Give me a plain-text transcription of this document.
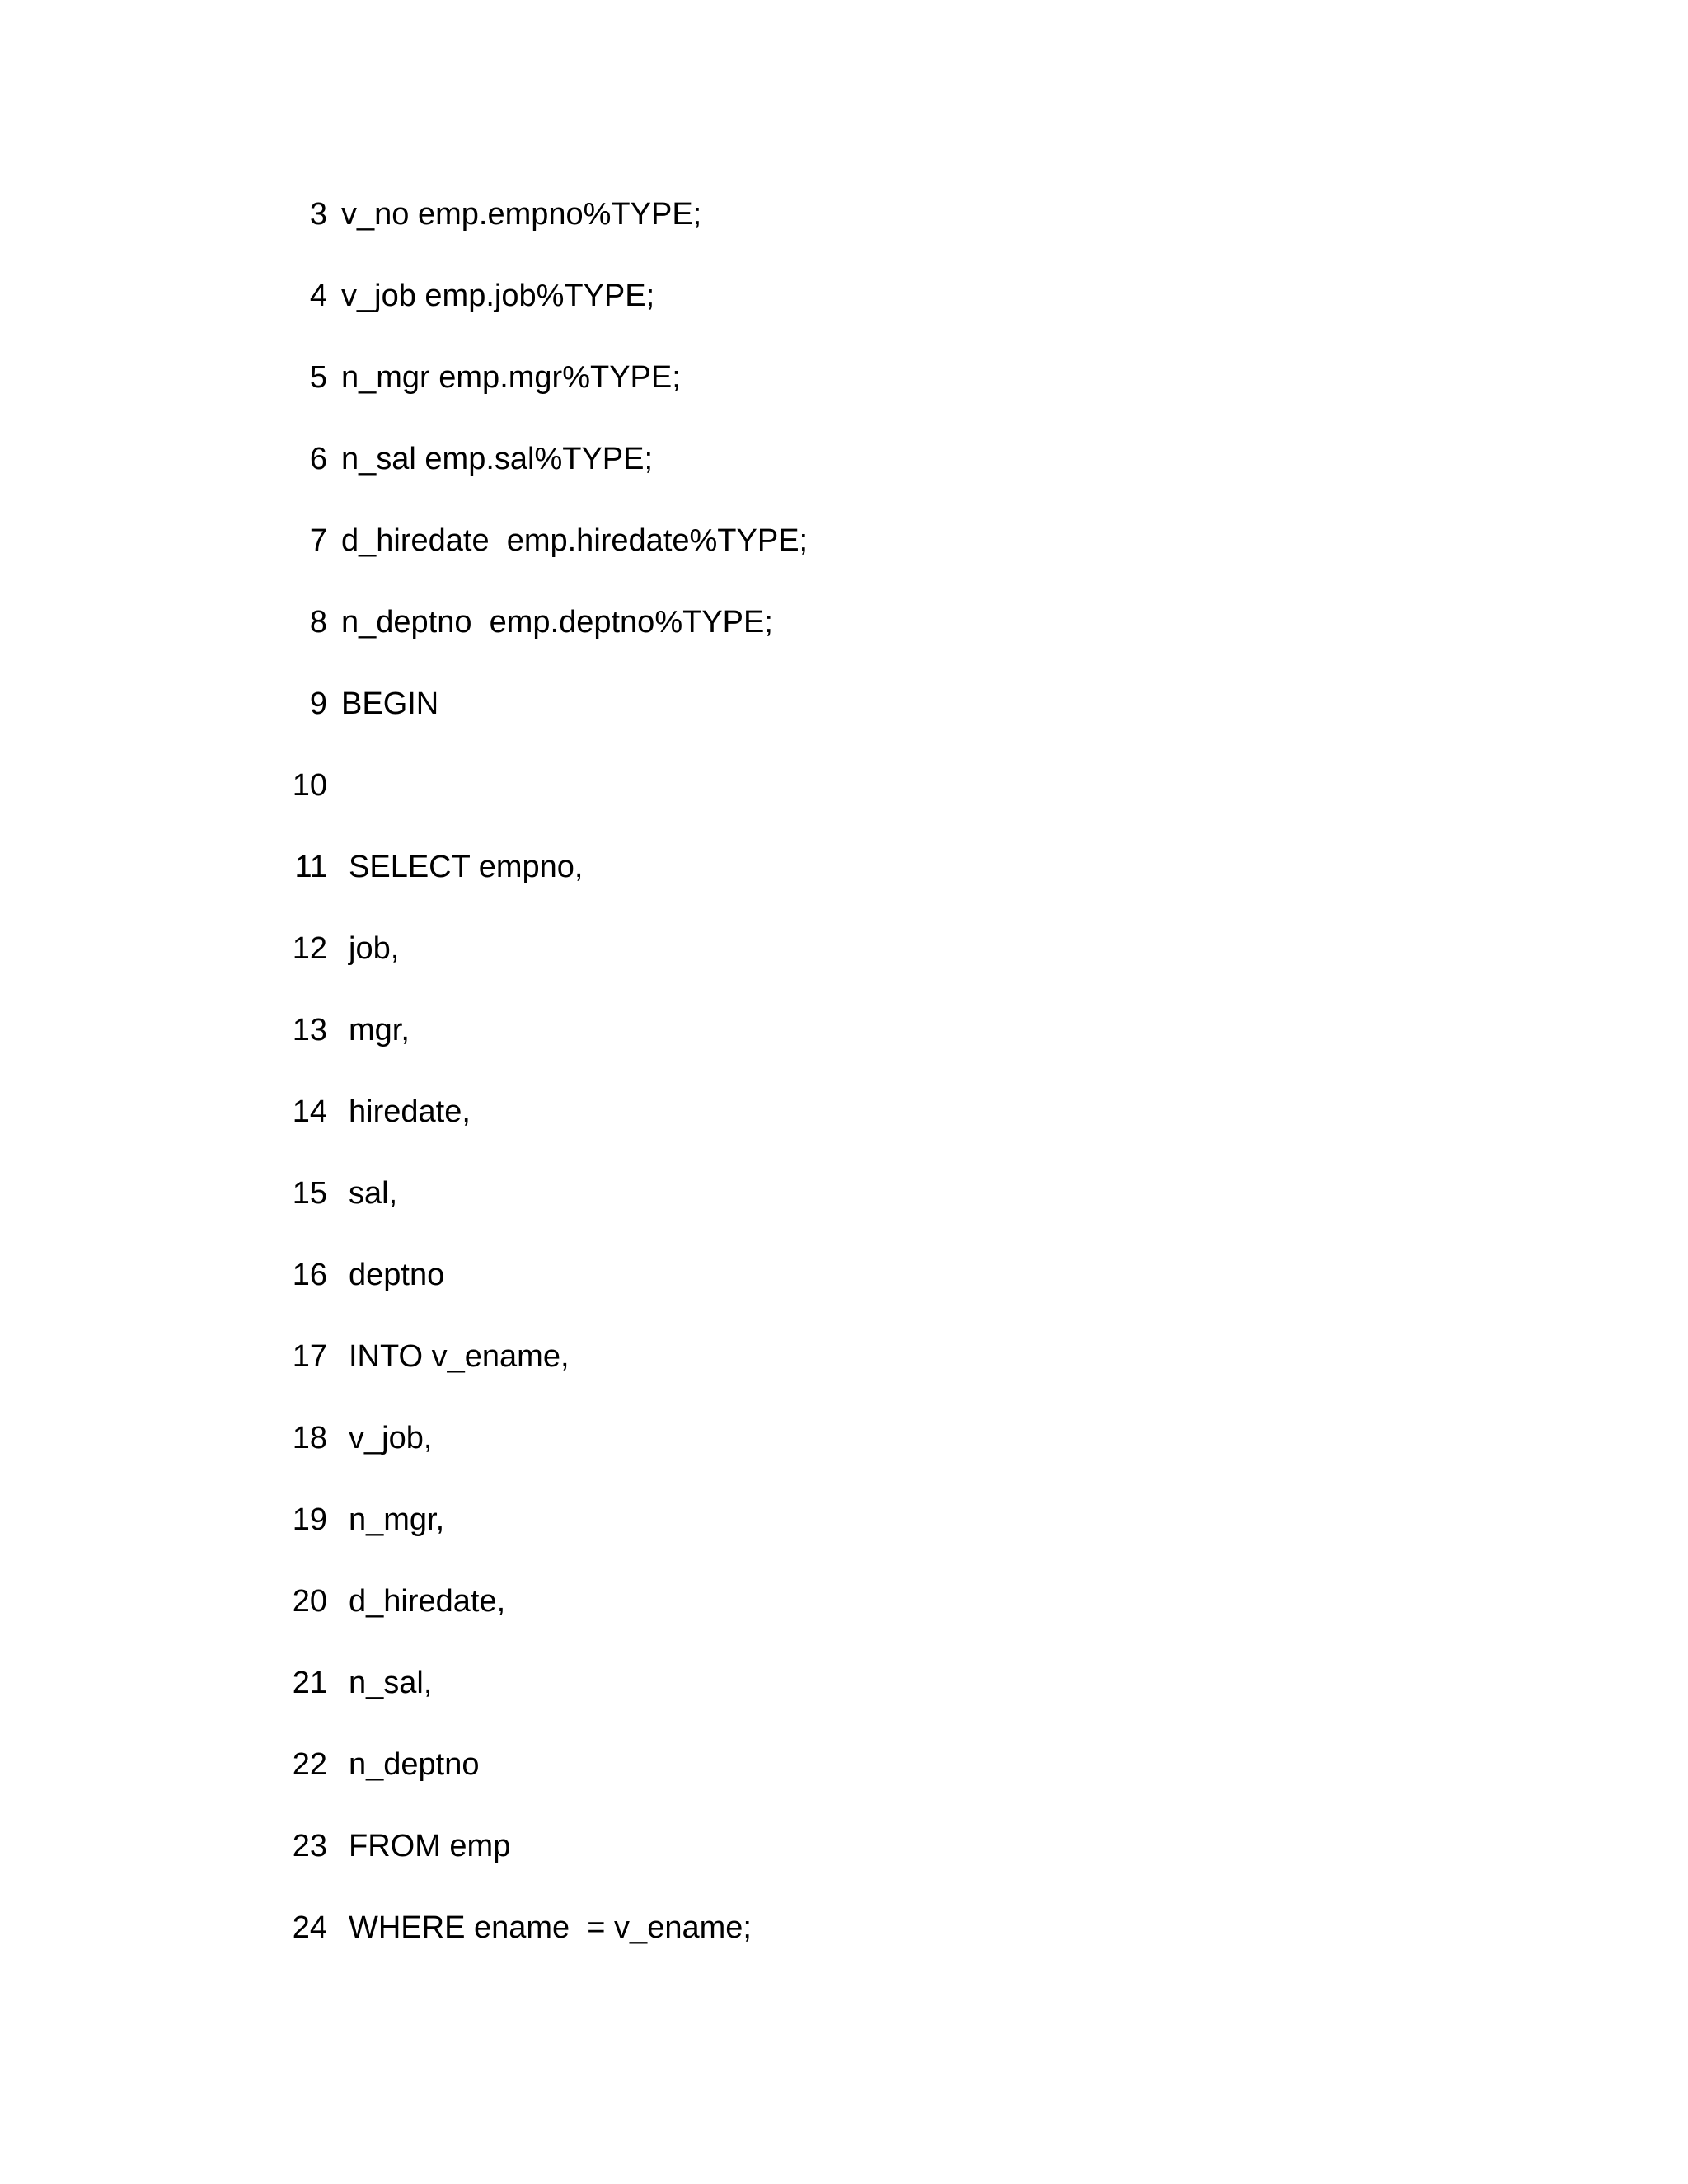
3

v_no emp.empno%TYPE;

4

v_job emp.job%TYPE;

5

n_mgr emp.mgr%TYPE;

6

n_sal emp.sal%TYPE;

7

d_hiredate  emp.hiredate%TYPE;

8

n_deptno  emp.deptno%TYPE;

9

BEGIN

10

11

SELECT empno,

12

job,

13

mgr,

14

hiredate,

15

sal,

16

deptno

17

INTO v_ename,

18

v_job,

19

n_mgr,

20

d_hiredate,

21

n_sal,

22

n_deptno

23

FROM emp

24

WHERE ename  = v_ename;
